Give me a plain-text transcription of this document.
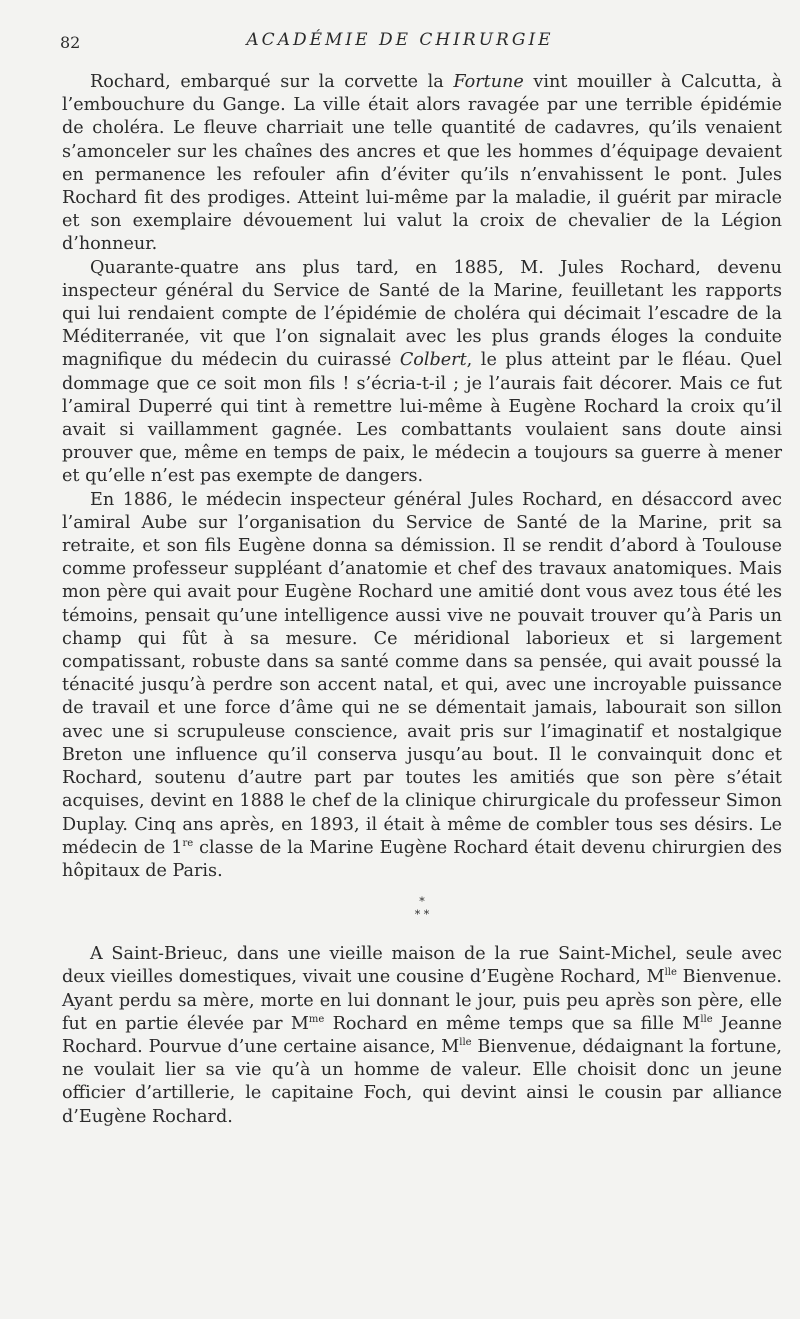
82	ACADÉMIE DE CHIRURGIE

Rochard, embarqué sur la corvette la Fortune vint mouiller à Calcutta, à l’embouchure du Gange. La ville était alors ravagée par une terrible épidémie de choléra. Le fleuve charriait une telle quantité de cadavres, qu’ils venaient s’amonceler sur les chaînes des ancres et que les hommes d’équipage devaient en permanence les refouler afin d’éviter qu’ils n’envahissent le pont. Jules Rochard fit des prodiges. Atteint lui-même par la maladie, il guérit par miracle et son exemplaire dévouement lui valut la croix de chevalier de la Légion d’honneur.

Quarante-quatre ans plus tard, en 1885, M. Jules Rochard, devenu inspecteur général du Service de Santé de la Marine, feuilletant les rapports qui lui rendaient compte de l’épidémie de choléra qui décimait l’escadre de la Méditerranée, vit que l’on signalait avec les plus grands éloges la conduite magnifique du médecin du cuirassé Colbert, le plus atteint par le fléau. Quel dommage que ce soit mon fils ! s’écria-t-il ; je l’aurais fait décorer. Mais ce fut l’amiral Duperré qui tint à remettre lui-même à Eugène Rochard la croix qu’il avait si vaillamment gagnée. Les combattants voulaient sans doute ainsi prouver que, même en temps de paix, le médecin a toujours sa guerre à mener et qu’elle n’est pas exempte de dangers.

En 1886, le médecin inspecteur général Jules Rochard, en désaccord avec l’amiral Aube sur l’organisation du Service de Santé de la Marine, prit sa retraite, et son fils Eugène donna sa démission. Il se rendit d’abord à Toulouse comme professeur suppléant d’anatomie et chef des travaux anatomiques. Mais mon père qui avait pour Eugène Rochard une amitié dont vous avez tous été les témoins, pensait qu’une intelligence aussi vive ne pouvait trouver qu’à Paris un champ qui fût à sa mesure. Ce méridional laborieux et si largement compatissant, robuste dans sa santé comme dans sa pensée, qui avait poussé la ténacité jusqu’à perdre son accent natal, et qui, avec une incroyable puissance de travail et une force d’âme qui ne se démentait jamais, labourait son sillon avec une si scrupuleuse conscience, avait pris sur l’imaginatif et nostalgique Breton une influence qu’il conserva jusqu’au bout. Il le convainquit donc et Rochard, soutenu d’autre part par toutes les amitiés que son père s’était acquises, devint en 1888 le chef de la clinique chirurgicale du professeur Simon Duplay. Cinq ans après, en 1893, il était à même de combler tous ses désirs. Le médecin de 1re classe de la Marine Eugène Rochard était devenu chirurgien des hôpitaux de Paris.

*
* *

A Saint-Brieuc, dans une vieille maison de la rue Saint-Michel, seule avec deux vieilles domestiques, vivait une cousine d’Eugène Rochard, $M^{lle}$ Bienvenue. Ayant perdu sa mère, morte en lui donnant le jour, puis peu après son père, elle fut en partie élevée par $M^{me}$ Rochard en même temps que sa fille $M^{lle}$ Jeanne Rochard. Pourvue d’une certaine aisance, $M^{lle}$ Bienvenue, dédaignant la fortune, ne voulait lier sa vie qu’à un homme de valeur. Elle choisit donc un jeune officier d’artillerie, le capitaine Foch, qui devint ainsi le cousin par alliance d’Eugène Rochard.
